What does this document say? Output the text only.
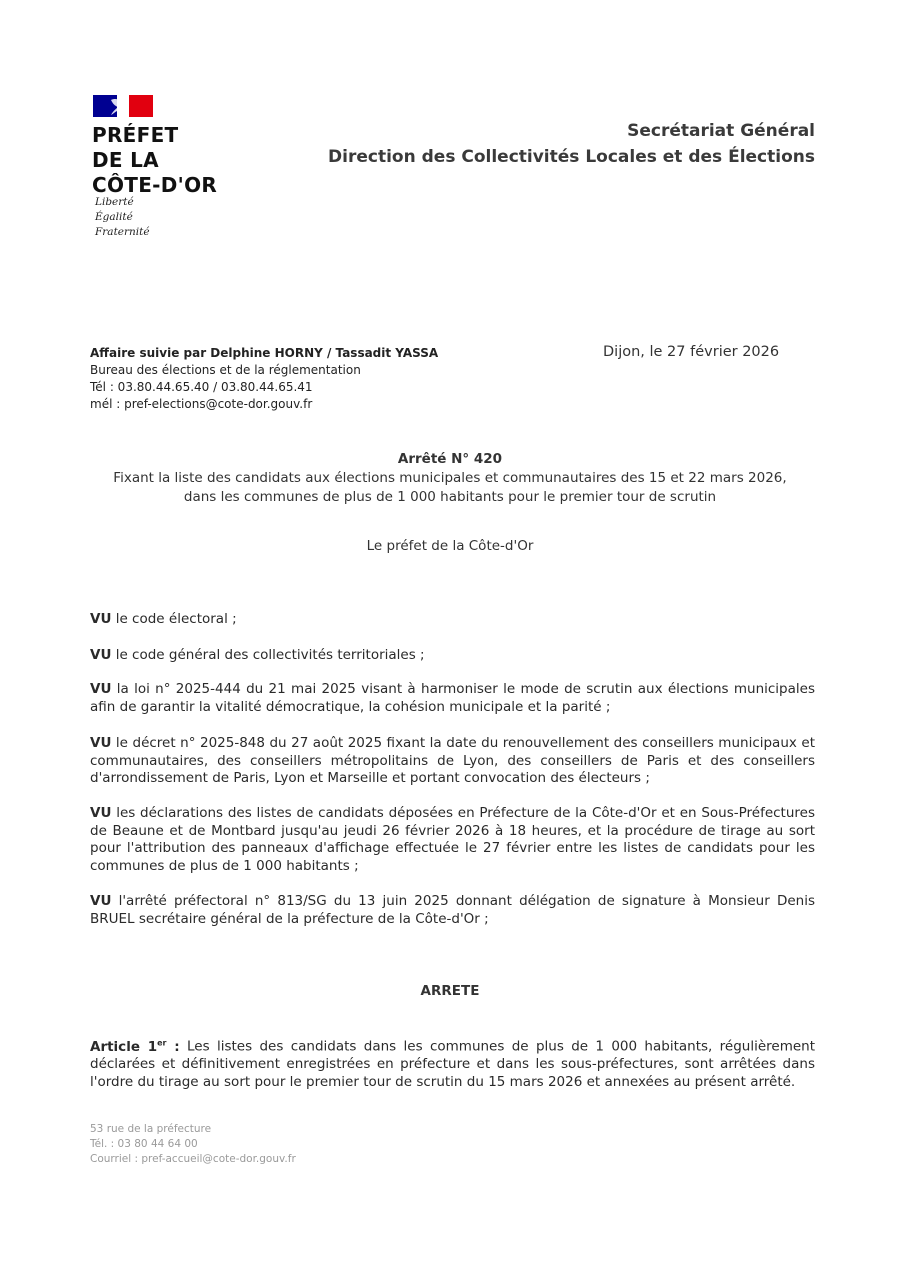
PRÉFET
DE LA
CÔTE-D'OR
Liberté
Égalité
Fraternité
Secrétariat Général
Direction des Collectivités Locales et des Élections
Affaire suivie par Delphine HORNY / Tassadit YASSA
Bureau des élections et de la réglementation
Tél : 03.80.44.65.40 / 03.80.44.65.41
mél : pref-elections@cote-dor.gouv.fr
Dijon, le 27 février 2026
Arrêté N° 420
Fixant la liste des candidats aux élections municipales et communautaires des 15 et 22 mars 2026,
dans les communes de plus de 1 000 habitants pour le premier tour de scrutin
Le préfet de la Côte-d'Or
VU le code électoral ;
VU le code général des collectivités territoriales ;
VU la loi n° 2025-444 du 21 mai 2025 visant à harmoniser le mode de scrutin aux élections municipales afin de garantir la vitalité démocratique, la cohésion municipale et la parité ;
VU le décret n° 2025-848 du 27 août 2025 fixant la date du renouvellement des conseillers municipaux et communautaires, des conseillers métropolitains de Lyon, des conseillers de Paris et des conseillers d'arrondissement de Paris, Lyon et Marseille et portant convocation des électeurs ;
VU les déclarations des listes de candidats déposées en Préfecture de la Côte-d'Or et en Sous-Préfectures de Beaune et de Montbard jusqu'au jeudi 26 février 2026 à 18 heures, et la procédure de tirage au sort pour l'attribution des panneaux d'affichage effectuée le 27 février entre les listes de candidats pour les communes de plus de 1 000 habitants ;
VU l'arrêté préfectoral n° 813/SG du 13 juin 2025 donnant délégation de signature à Monsieur Denis BRUEL secrétaire général de la préfecture de la Côte-d'Or ;
ARRETE
Article 1er : Les listes des candidats dans les communes de plus de 1 000 habitants, régulièrement déclarées et définitivement enregistrées en préfecture et dans les sous-préfectures, sont arrêtées dans l'ordre du tirage au sort pour le premier tour de scrutin du 15 mars 2026 et annexées au présent arrêté.
53 rue de la préfecture
Tél. : 03 80 44 64 00
Courriel : pref-accueil@cote-dor.gouv.fr
